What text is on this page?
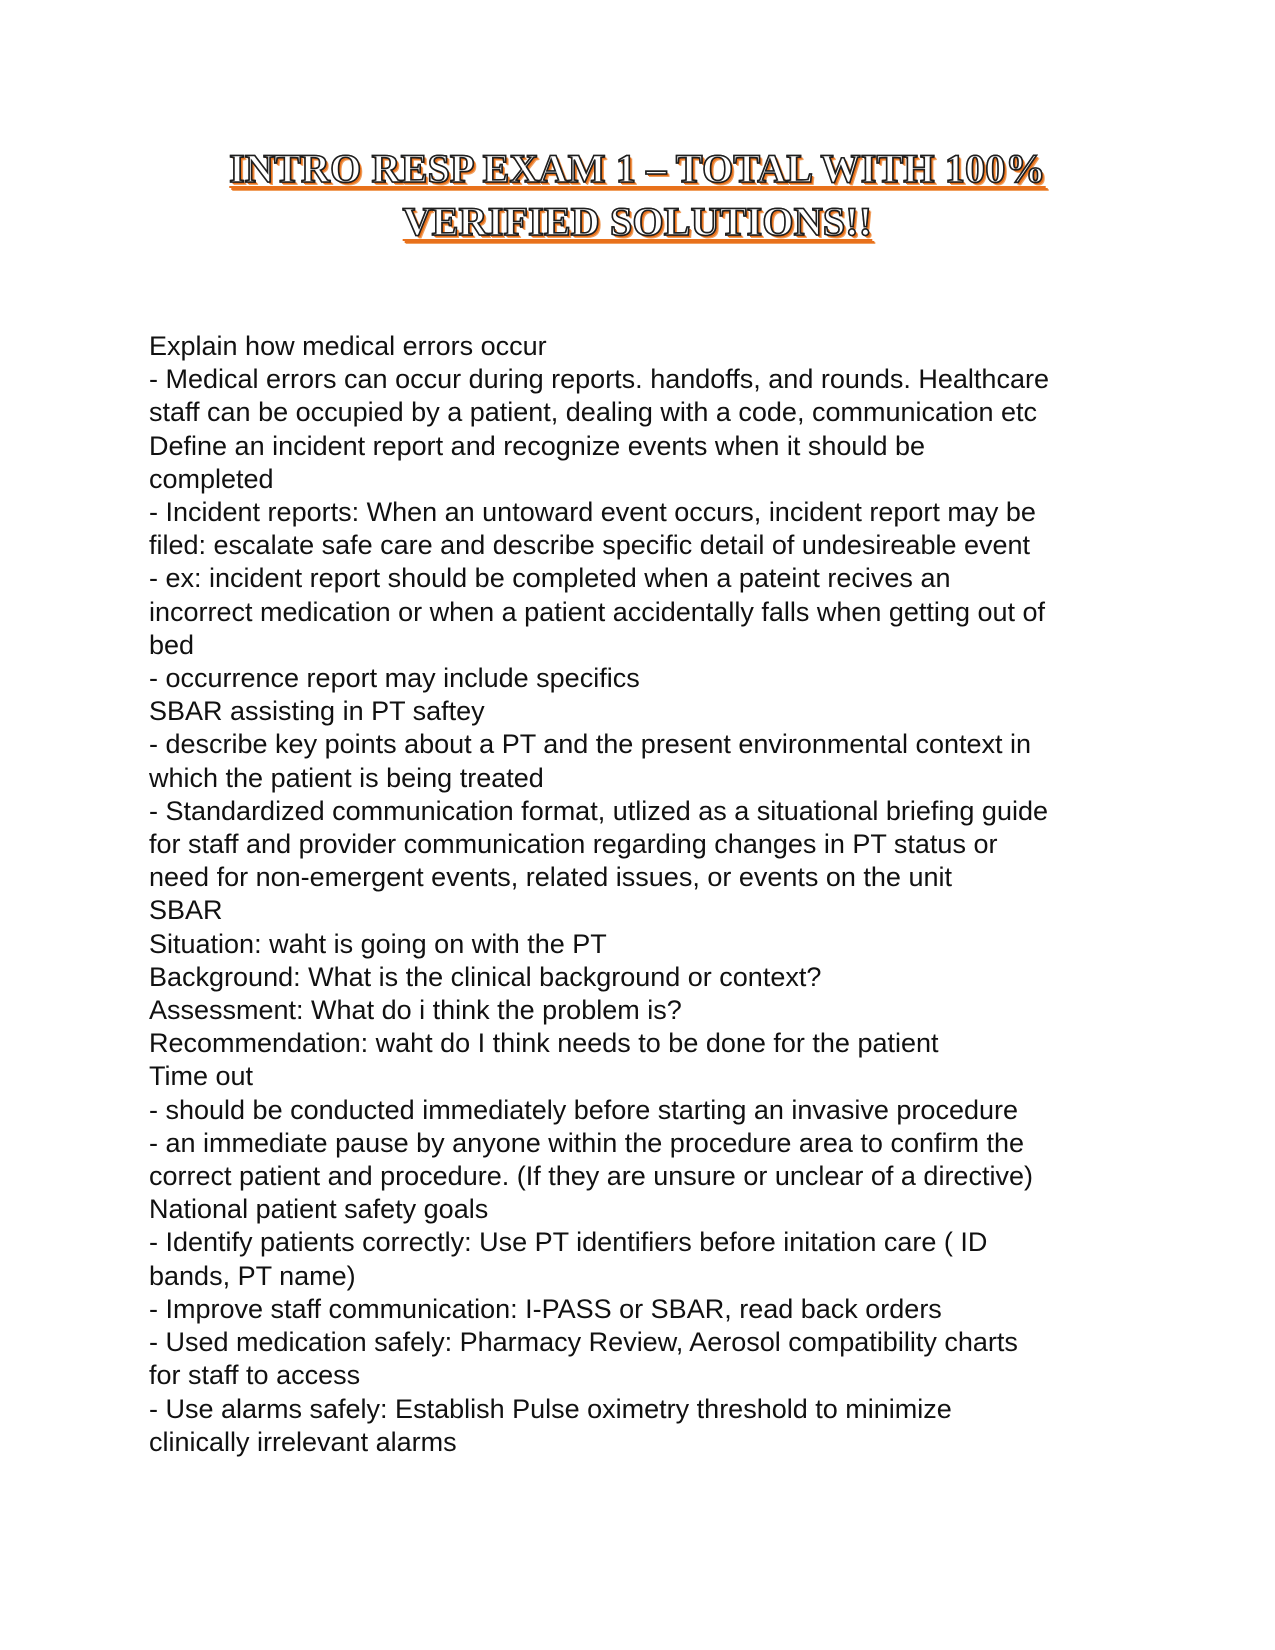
INTRO RESP EXAM 1 – TOTAL WITH 100%
VERIFIED SOLUTIONS!!
Explain how medical errors occur
- Medical errors can occur during reports. handoffs, and rounds. Healthcare
staff can be occupied by a patient, dealing with a code, communication etc
Define an incident report and recognize events when it should be
completed
- Incident reports: When an untoward event occurs, incident report may be
filed: escalate safe care and describe specific detail of undesireable event
- ex: incident report should be completed when a pateint recives an
incorrect medication or when a patient accidentally falls when getting out of
bed
- occurrence report may include specifics
SBAR assisting in PT saftey
- describe key points about a PT and the present environmental context in
which the patient is being treated
- Standardized communication format, utlized as a situational briefing guide
for staff and provider communication regarding changes in PT status or
need for non-emergent events, related issues, or events on the unit
SBAR
Situation: waht is going on with the PT
Background: What is the clinical background or context?
Assessment: What do i think the problem is?
Recommendation: waht do I think needs to be done for the patient
Time out
- should be conducted immediately before starting an invasive procedure
- an immediate pause by anyone within the procedure area to confirm the
correct patient and procedure. (If they are unsure or unclear of a directive)
National patient safety goals
- Identify patients correctly: Use PT identifiers before initation care ( ID
bands, PT name)
- Improve staff communication: I-PASS or SBAR, read back orders
- Used medication safely: Pharmacy Review, Aerosol compatibility charts
for staff to access
- Use alarms safely: Establish Pulse oximetry threshold to minimize
clinically irrelevant alarms
